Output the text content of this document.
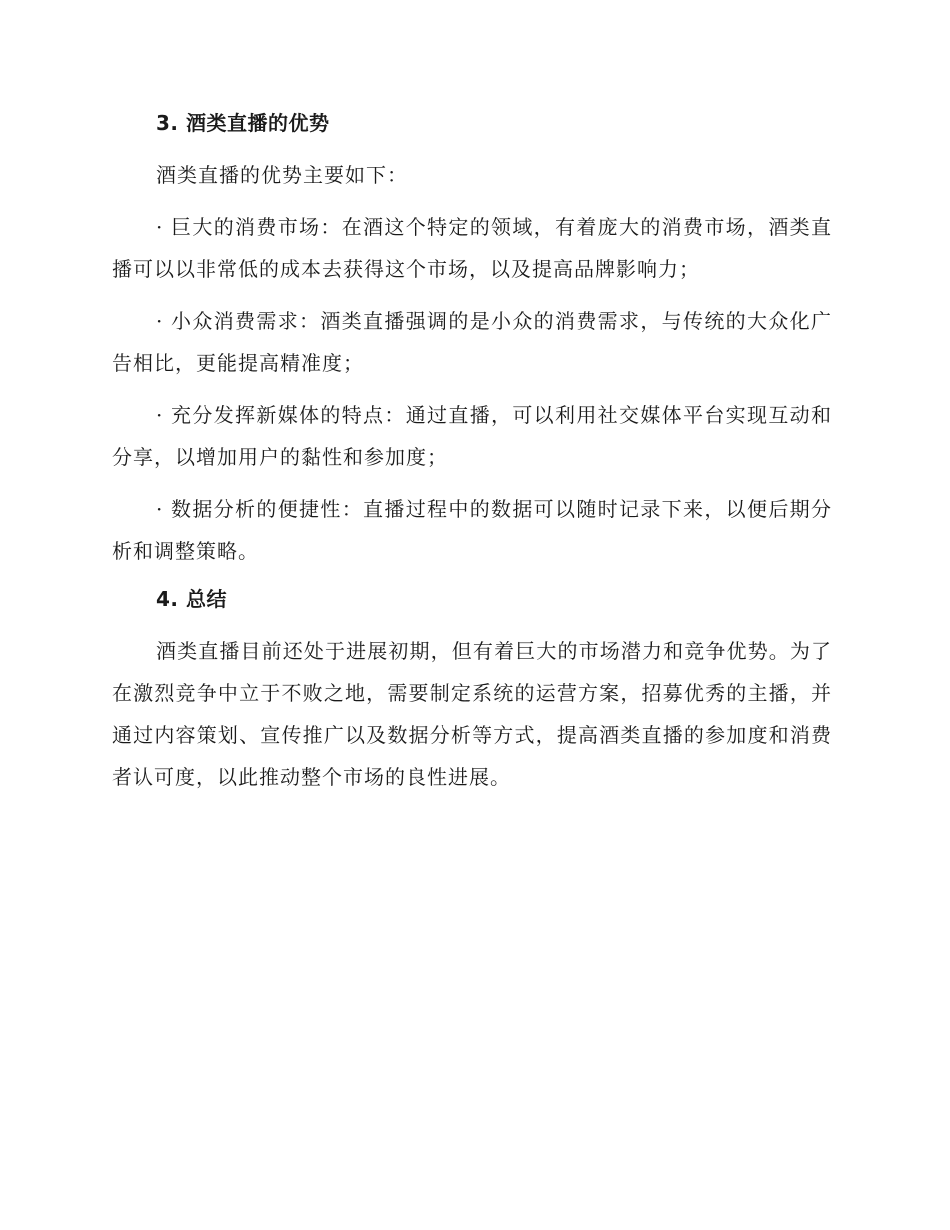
3. 酒类直播的优势

酒类直播的优势主要如下：

· 巨大的消费市场：在酒这个特定的领域，有着庞大的消费市场，酒类直播可以以非常低的成本去获得这个市场，以及提高品牌影响力；

· 小众消费需求：酒类直播强调的是小众的消费需求，与传统的大众化广告相比，更能提高精准度；

· 充分发挥新媒体的特点：通过直播，可以利用社交媒体平台实现互动和分享，以增加用户的黏性和参加度；

· 数据分析的便捷性：直播过程中的数据可以随时记录下来，以便后期分析和调整策略。

4. 总结

酒类直播目前还处于进展初期，但有着巨大的市场潜力和竞争优势。为了在激烈竞争中立于不败之地，需要制定系统的运营方案，招募优秀的主播，并通过内容策划、宣传推广以及数据分析等方式，提高酒类直播的参加度和消费者认可度，以此推动整个市场的良性进展。
